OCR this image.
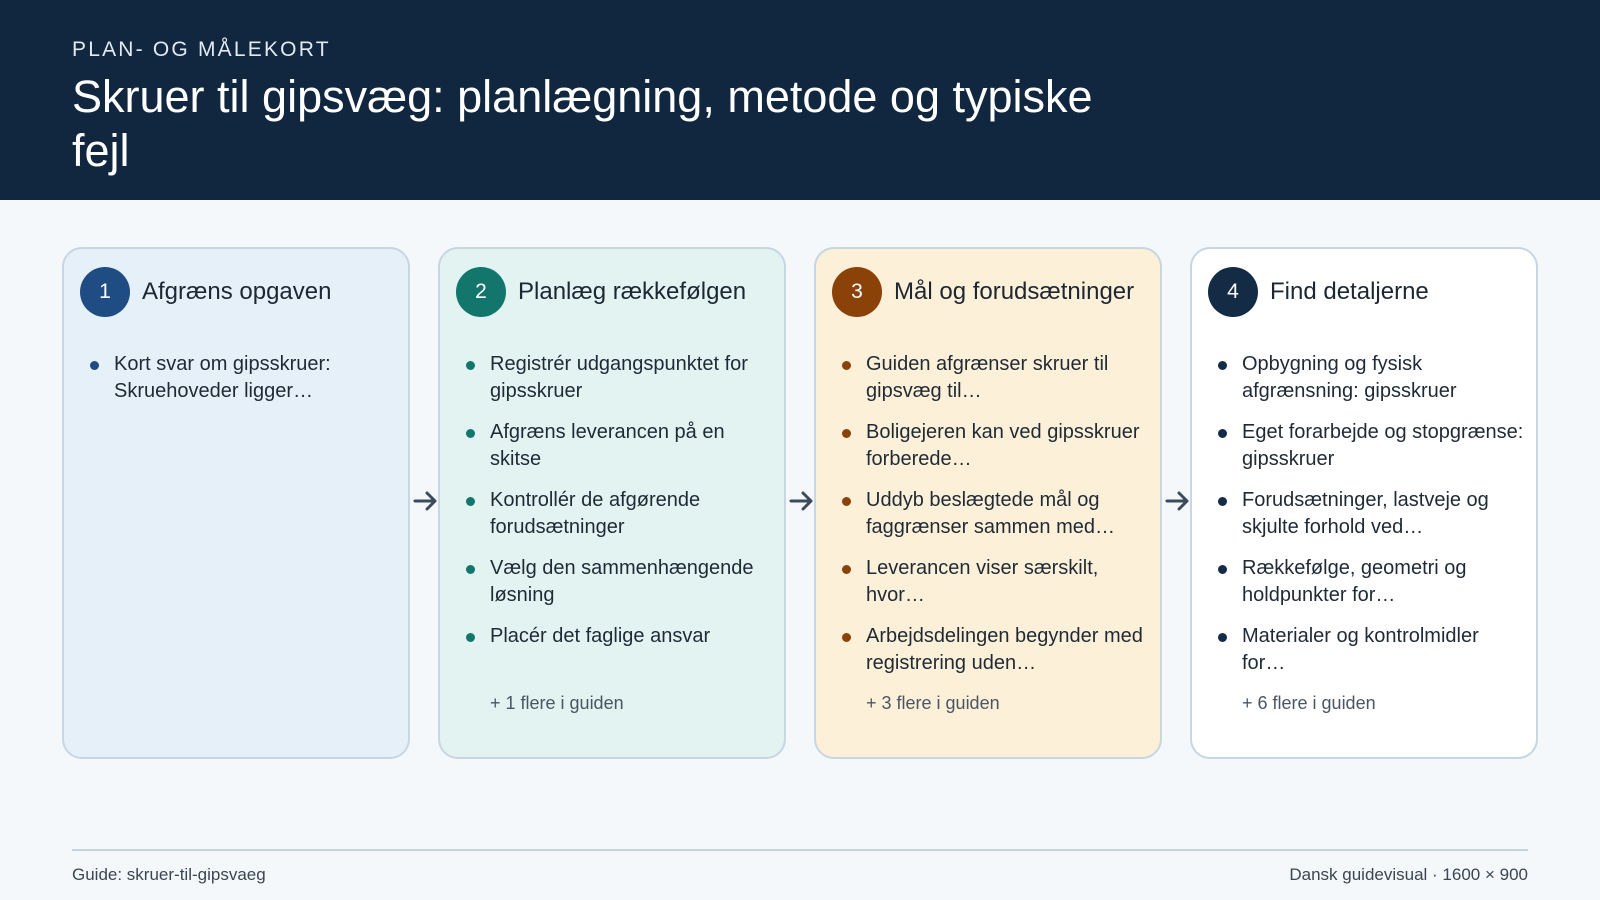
PLAN- OG MÅLEKORT
Skruer til gipsvæg: planlægning, metode og typiske fejl
1	Afgræns opgaven
Kort svar om gipsskruer: Skruehoveder ligger…
2	Planlæg rækkefølgen
Registrér udgangspunktet for gipsskruer
Afgræns leverancen på en skitse
Kontrollér de afgørende forudsætninger
Vælg den sammenhængende løsning
Placér det faglige ansvar
+ 1 flere i guiden
3	Mål og forudsætninger
Guiden afgrænser skruer til gipsvæg til…
Boligejeren kan ved gipsskruer forberede…
Uddyb beslægtede mål og faggrænser sammen med…
Leverancen viser særskilt, hvor…
Arbejdsdelingen begynder med registrering uden…
+ 3 flere i guiden
4	Find detaljerne
Opbygning og fysisk afgrænsning: gipsskruer
Eget forarbejde og stopgrænse: gipsskruer
Forudsætninger, lastveje og skjulte forhold ved…
Rækkefølge, geometri og holdpunkter for…
Materialer og kontrolmidler for…
+ 6 flere i guiden
Guide: skruer-til-gipsvaeg	Dansk guidevisual · 1600 × 900
